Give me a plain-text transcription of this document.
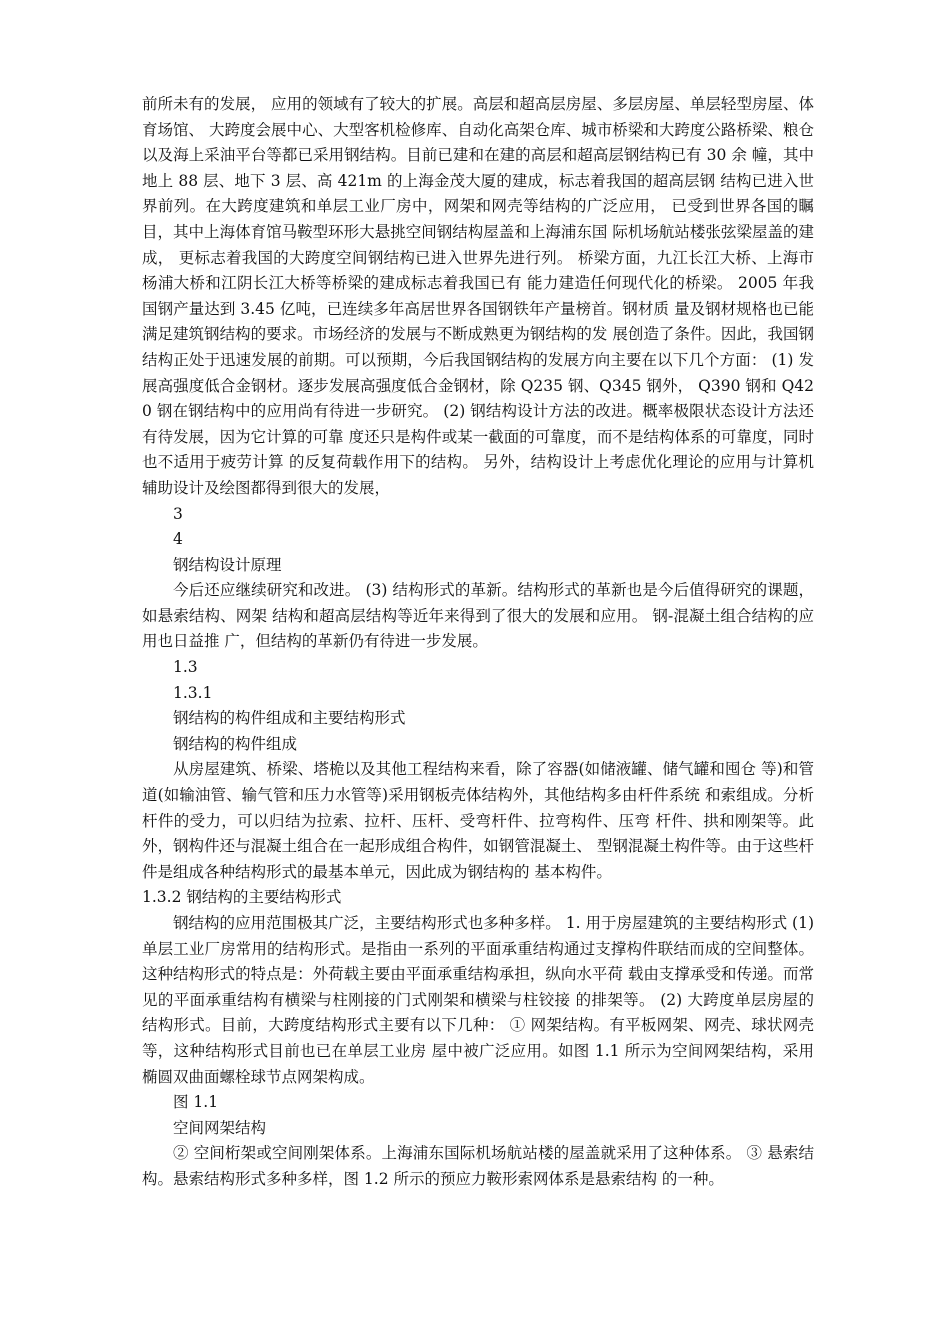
前所未有的发展， 应用的领域有了较大的扩展。高层和超高层房屋、多层房屋、单层轻型房屋、体育场馆、 大跨度会展中心、大型客机检修库、自动化高架仓库、城市桥梁和大跨度公路桥梁、粮仓 以及海上采油平台等都已采用钢结构。目前已建和在建的高层和超高层钢结构已有 30 余 幢，其中地上 88 层、地下 3 层、高 421m 的上海金茂大厦的建成，标志着我国的超高层钢 结构已进入世界前列。在大跨度建筑和单层工业厂房中，网架和网壳等结构的广泛应用， 已受到世界各国的瞩目，其中上海体育馆马鞍型环形大悬挑空间钢结构屋盖和上海浦东国 际机场航站楼张弦梁屋盖的建成， 更标志着我国的大跨度空间钢结构已进入世界先进行列。 桥梁方面，九江长江大桥、上海市杨浦大桥和江阴长江大桥等桥梁的建成标志着我国已有 能力建造任何现代化的桥梁。 2005 年我国钢产量达到 3.45 亿吨，已连续多年高居世界各国钢铁年产量榜首。钢材质 量及钢材规格也已能满足建筑钢结构的要求。市场经济的发展与不断成熟更为钢结构的发 展创造了条件。因此，我国钢结构正处于迅速发展的前期。可以预期，今后我国钢结构的发展方向主要在以下几个方面： (1) 发展高强度低合金钢材。逐步发展高强度低合金钢材，除 Q235 钢、Q345 钢外， Q390 钢和 Q420 钢在钢结构中的应用尚有待进一步研究。 (2) 钢结构设计方法的改进。概率极限状态设计方法还有待发展，因为它计算的可靠 度还只是构件或某一截面的可靠度，而不是结构体系的可靠度，同时也不适用于疲劳计算 的反复荷载作用下的结构。 另外，结构设计上考虑优化理论的应用与计算机辅助设计及绘图都得到很大的发展，

3

4

钢结构设计原理

今后还应继续研究和改进。 (3) 结构形式的革新。结构形式的革新也是今后值得研究的课题，如悬索结构、网架 结构和超高层结构等近年来得到了很大的发展和应用。 钢-混凝土组合结构的应用也日益推 广，但结构的革新仍有待进一步发展。

1.3

1.3.1

钢结构的构件组成和主要结构形式

钢结构的构件组成

从房屋建筑、桥梁、塔桅以及其他工程结构来看，除了容器(如储液罐、储气罐和囤仓 等)和管道(如输油管、输气管和压力水管等)采用钢板壳体结构外，其他结构多由杆件系统 和索组成。分析杆件的受力，可以归结为拉索、拉杆、压杆、受弯杆件、拉弯构件、压弯 杆件、拱和刚架等。此外，钢构件还与混凝土组合在一起形成组合构件，如钢管混凝土、 型钢混凝土构件等。由于这些杆件是组成各种结构形式的最基本单元，因此成为钢结构的 基本构件。

1.3.2 钢结构的主要结构形式

钢结构的应用范围极其广泛，主要结构形式也多种多样。 1. 用于房屋建筑的主要结构形式 (1) 单层工业厂房常用的结构形式。是指由一系列的平面承重结构通过支撑构件联结而成的空间整体。这种结构形式的特点是：外荷载主要由平面承重结构承担，纵向水平荷 载由支撑承受和传递。而常见的平面承重结构有横梁与柱刚接的门式刚架和横梁与柱铰接 的排架等。 (2) 大跨度单层房屋的结构形式。目前，大跨度结构形式主要有以下几种： ① 网架结构。有平板网架、网壳、球状网壳等，这种结构形式目前也已在单层工业房 屋中被广泛应用。如图 1.1 所示为空间网架结构，采用椭圆双曲面螺栓球节点网架构成。

图 1.1

空间网架结构

② 空间桁架或空间刚架体系。上海浦东国际机场航站楼的屋盖就采用了这种体系。 ③ 悬索结构。悬索结构形式多种多样，图 1.2 所示的预应力鞍形索网体系是悬索结构 的一种。
